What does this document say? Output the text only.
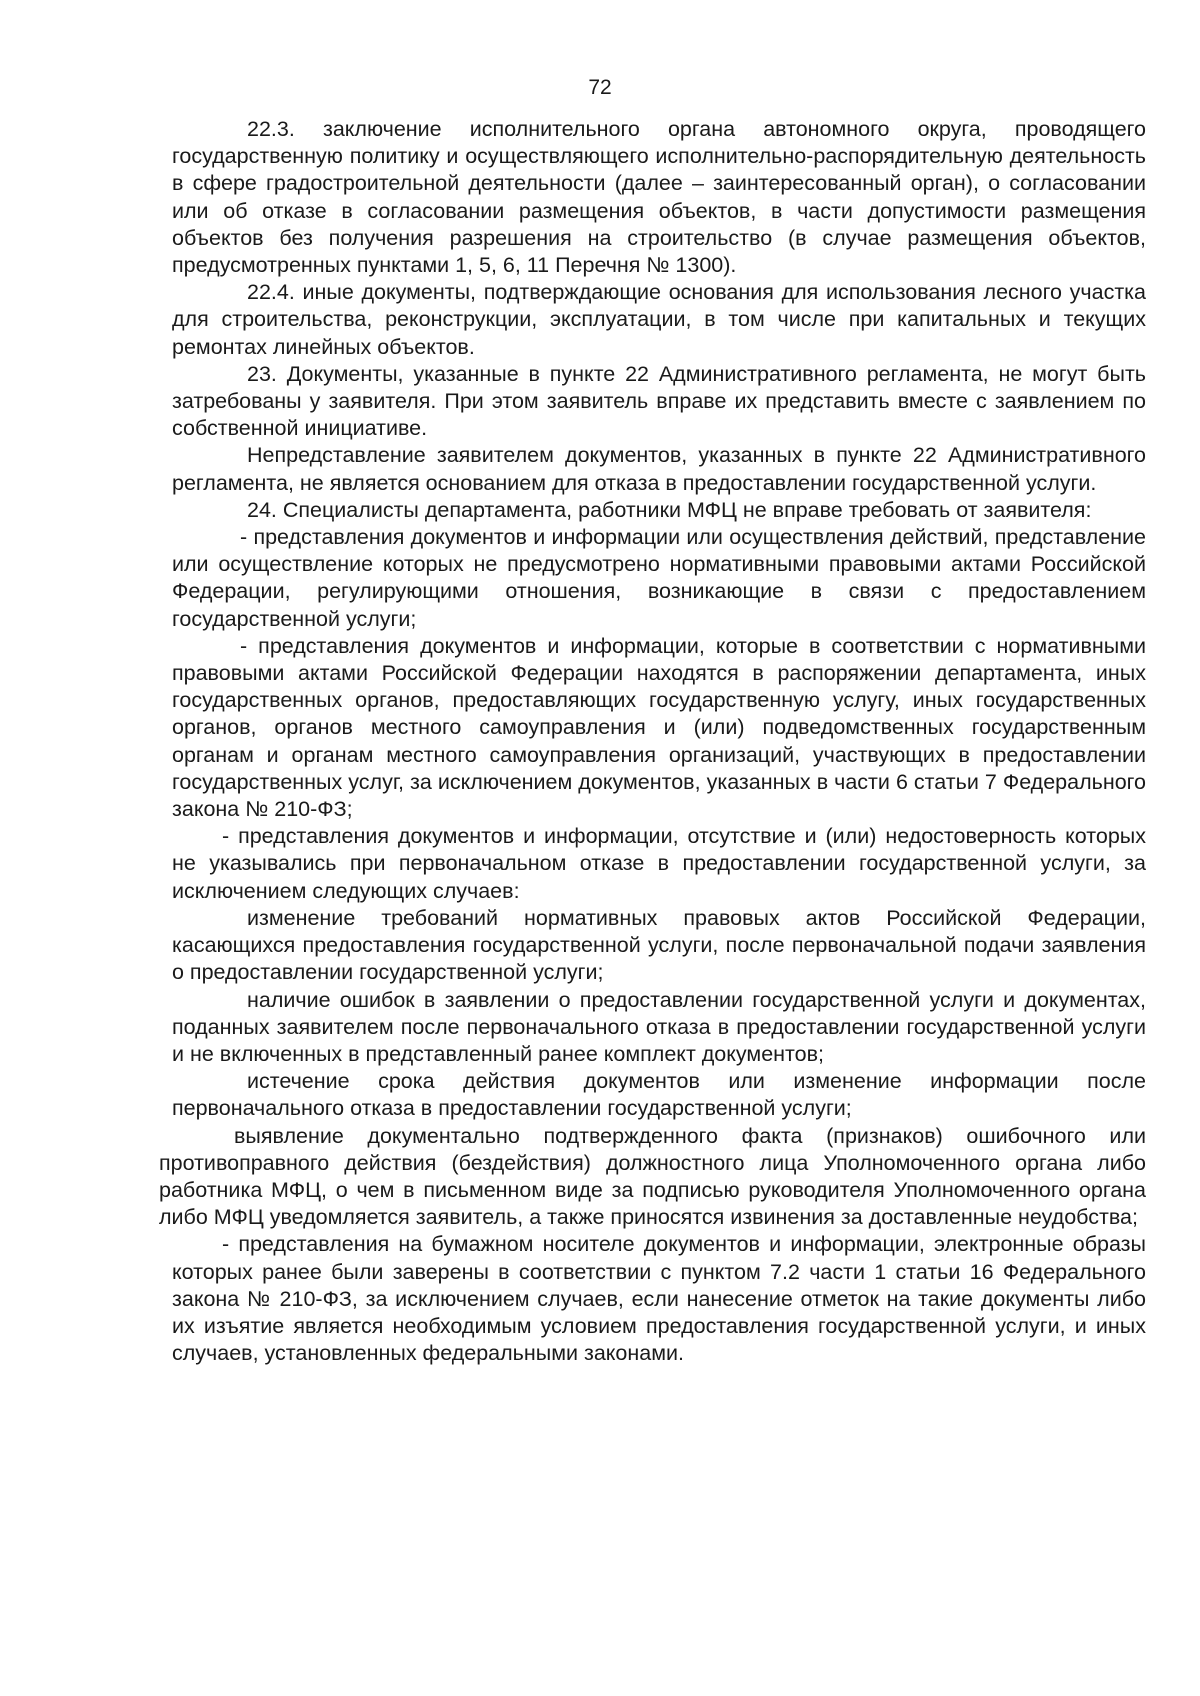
72

22.3. заключение исполнительного органа автономного округа, проводящего государственную политику и осуществляющего исполнительно-распорядительную деятельность в сфере градостроительной деятельности (далее – заинтересованный орган), о согласовании или об отказе в согласовании размещения объектов, в части допустимости размещения объектов без получения разрешения на строительство (в случае размещения объектов, предусмотренных пунктами 1, 5, 6, 11 Перечня № 1300).

22.4. иные документы, подтверждающие основания для использования лесного участка для строительства, реконструкции, эксплуатации, в том числе при капитальных и текущих ремонтах линейных объектов.

23. Документы, указанные в пункте 22 Административного регламента, не могут быть затребованы у заявителя. При этом заявитель вправе их представить вместе с заявлением по собственной инициативе.

Непредставление заявителем документов, указанных в пункте 22 Административного регламента, не является основанием для отказа в предоставлении государственной услуги.

24. Специалисты департамента, работники МФЦ не вправе требовать от заявителя:

- представления документов и информации или осуществления действий, представление или осуществление которых не предусмотрено нормативными правовыми актами Российской Федерации, регулирующими отношения, возникающие в связи с предоставлением государственной услуги;

- представления документов и информации, которые в соответствии с нормативными правовыми актами Российской Федерации находятся в распоряжении департамента, иных государственных органов, предоставляющих государственную услугу, иных государственных органов, органов местного самоуправления и (или) подведомственных государственным органам и органам местного самоуправления организаций, участвующих в предоставлении государственных услуг, за исключением документов, указанных в части 6 статьи 7 Федерального закона № 210-ФЗ;

- представления документов и информации, отсутствие и (или) недостоверность которых не указывались при первоначальном отказе в предоставлении государственной услуги, за исключением следующих случаев:

изменение требований нормативных правовых актов Российской Федерации, касающихся предоставления государственной услуги, после первоначальной подачи заявления о предоставлении государственной услуги;

наличие ошибок в заявлении о предоставлении государственной услуги и документах, поданных заявителем после первоначального отказа в предоставлении государственной услуги и не включенных в представленный ранее комплект документов;

истечение срока действия документов или изменение информации после первоначального отказа в предоставлении государственной услуги;

выявление документально подтвержденного факта (признаков) ошибочного или противоправного действия (бездействия) должностного лица Уполномоченного органа либо работника МФЦ, о чем в письменном виде за подписью руководителя Уполномоченного органа либо МФЦ уведомляется заявитель, а также приносятся извинения за доставленные неудобства;

- представления на бумажном носителе документов и информации, электронные образы которых ранее были заверены в соответствии с пунктом 7.2 части 1 статьи 16 Федерального закона № 210-ФЗ, за исключением случаев, если нанесение отметок на такие документы либо их изъятие является необходимым условием предоставления государственной услуги, и иных случаев, установленных федеральными законами.
